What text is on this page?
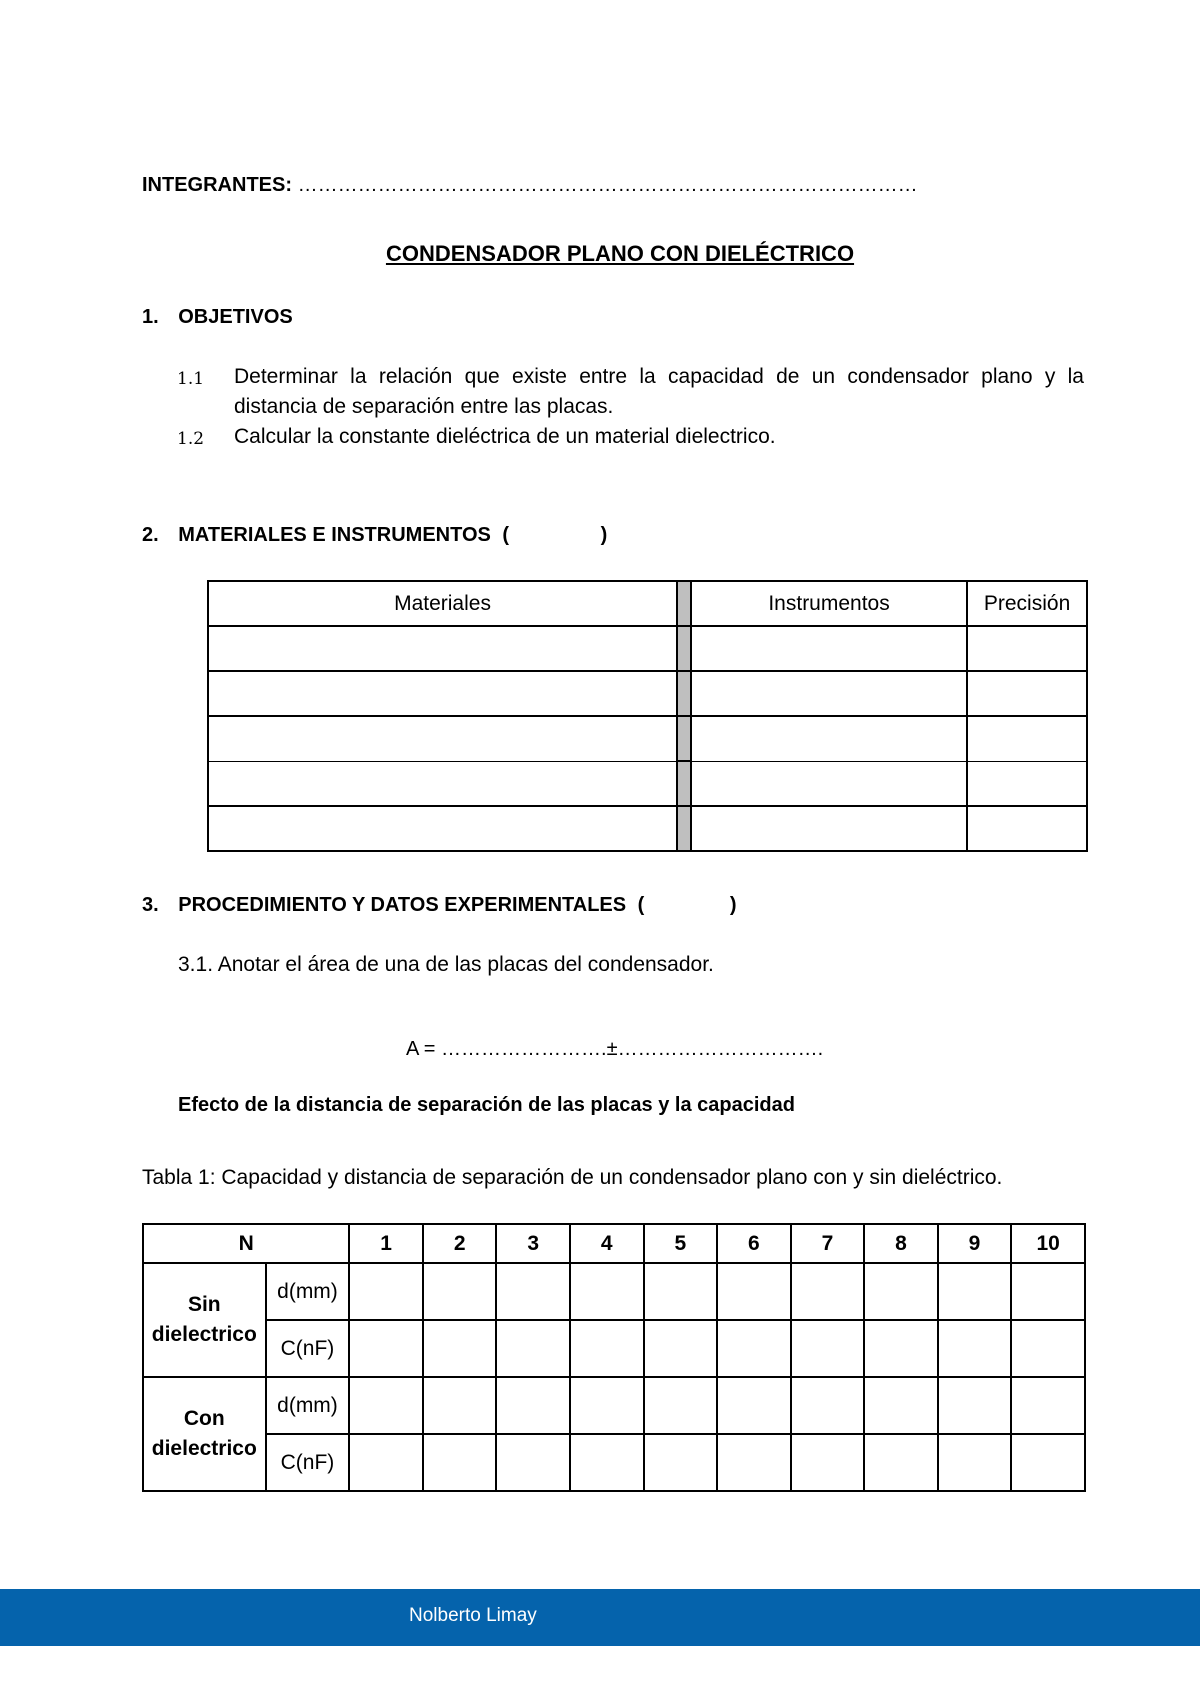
INTEGRANTES: …………………………………………………………………………………
CONDENSADOR PLANO CON DIELÉCTRICO
1. OBJETIVOS
1.1 Determinar la relación que existe entre la capacidad de un condensador plano y la
distancia de separación entre las placas.
1.2 Calcular la constante dieléctrica de un material dielectrico.
2. MATERIALES E INSTRUMENTOS (	)
Materiales		Instrumentos	Precisión

3. PROCEDIMIENTO Y DATOS EXPERIMENTALES (	)
3.1. Anotar el área de una de las placas del condensador.
A = …………………….±………………………….
Efecto de la distancia de separación de las placas y la capacidad
Tabla 1: Capacidad y distancia de separación de un condensador plano con y sin dieléctrico.
N		1	2	3	4	5	6	7	8	9	10

Sin
dielectrico	d(mm)										
	C(nF)										

Con
dielectrico	d(mm)										
	C(nF)										
Nolberto Limay
